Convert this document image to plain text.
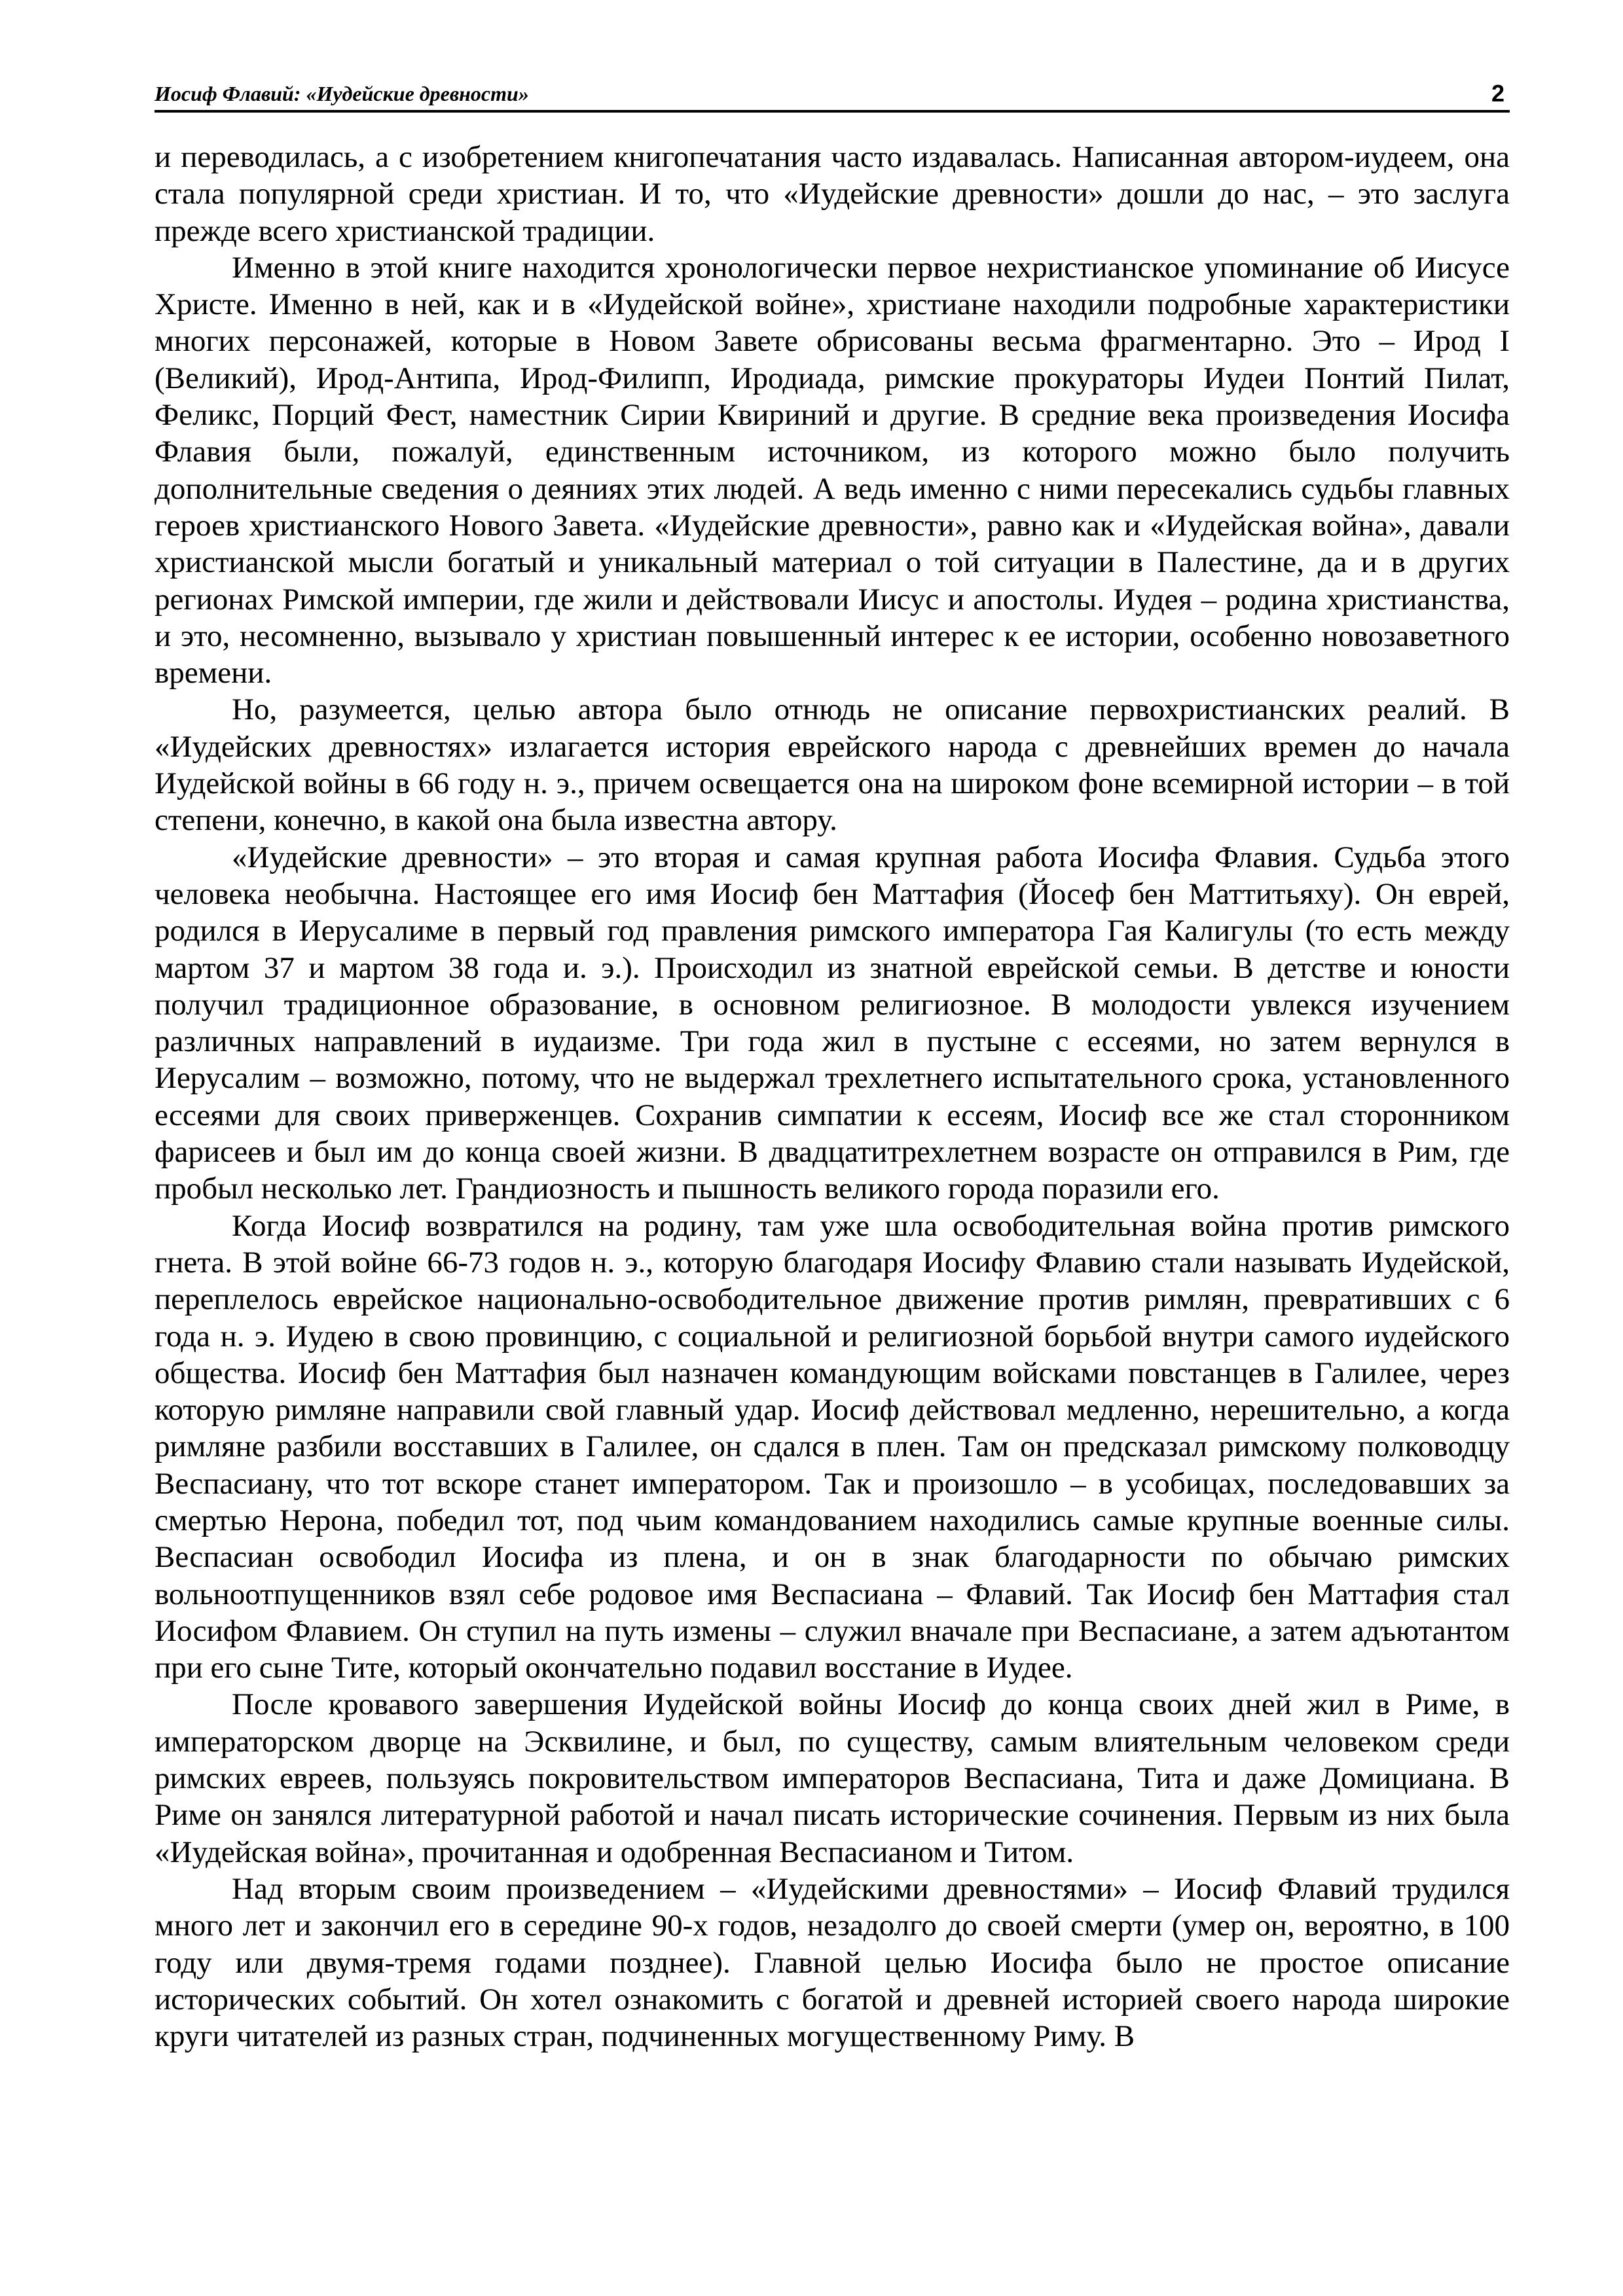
Иосиф Флавий: «Иудейские древности»	2

и переводилась, а с изобретением книгопечатания часто издавалась. Написанная автором-иудеем, она стала популярной среди христиан. И то, что «Иудейские древности» дошли до нас, – это заслуга прежде всего христианской традиции.

Именно в этой книге находится хронологически первое нехристианское упоминание об Иисусе Христе. Именно в ней, как и в «Иудейской войне», христиане находили подробные характеристики многих персонажей, которые в Новом Завете обрисованы весьма фрагментарно. Это – Ирод I (Великий), Ирод-Антипа, Ирод-Филипп, Иродиада, римские прокураторы Иудеи Понтий Пилат, Феликс, Порций Фест, наместник Сирии Квириний и другие. В средние века произведения Иосифа Флавия были, пожалуй, единственным источником, из которого можно было получить дополнительные сведения о деяниях этих людей. А ведь именно с ними пересекались судьбы главных героев христианского Нового Завета. «Иудейские древности», равно как и «Иудейская война», давали христианской мысли богатый и уникальный материал о той ситуации в Палестине, да и в других регионах Римской империи, где жили и действовали Иисус и апостолы. Иудея – родина христианства, и это, несомненно, вызывало у христиан повышенный интерес к ее истории, особенно новозаветного времени.

Но, разумеется, целью автора было отнюдь не описание первохристианских реалий. В «Иудейских древностях» излагается история еврейского народа с древнейших времен до начала Иудейской войны в 66 году н. э., причем освещается она на широком фоне всемирной истории – в той степени, конечно, в какой она была известна автору.

«Иудейские древности» – это вторая и самая крупная работа Иосифа Флавия. Судьба этого человека необычна. Настоящее его имя Иосиф бен Маттафия (Йосеф бен Маттитьяху). Он еврей, родился в Иерусалиме в первый год правления римского императора Гая Калигулы (то есть между мартом 37 и мартом 38 года и. э.). Происходил из знатной еврейской семьи. В детстве и юности получил традиционное образование, в основном религиозное. В молодости увлекся изучением различных направлений в иудаизме. Три года жил в пустыне с ессеями, но затем вернулся в Иерусалим – возможно, потому, что не выдержал трехлетнего испытательного срока, установленного ессеями для своих приверженцев. Сохранив симпатии к ессеям, Иосиф все же стал сторонником фарисеев и был им до конца своей жизни. В двадцатитрехлетнем возрасте он отправился в Рим, где пробыл несколько лет. Грандиозность и пышность великого города поразили его.

Когда Иосиф возвратился на родину, там уже шла освободительная война против римского гнета. В этой войне 66-73 годов н. э., которую благодаря Иосифу Флавию стали называть Иудейской, переплелось еврейское национально-освободительное движение против римлян, превративших с 6 года н. э. Иудею в свою провинцию, с социальной и религиозной борьбой внутри самого иудейского общества. Иосиф бен Маттафия был назначен командующим войсками повстанцев в Галилее, через которую римляне направили свой главный удар. Иосиф действовал медленно, нерешительно, а когда римляне разбили восставших в Галилее, он сдался в плен. Там он предсказал римскому полководцу Веспасиану, что тот вскоре станет императором. Так и произошло – в усобицах, последовавших за смертью Нерона, победил тот, под чьим командованием находились самые крупные военные силы. Веспасиан освободил Иосифа из плена, и он в знак благодарности по обычаю римских вольноотпущенников взял себе родовое имя Веспасиана – Флавий. Так Иосиф бен Маттафия стал Иосифом Флавием. Он ступил на путь измены – служил вначале при Веспасиане, а затем адъютантом при его сыне Тите, который окончательно подавил восстание в Иудее.

После кровавого завершения Иудейской войны Иосиф до конца своих дней жил в Риме, в императорском дворце на Эсквилине, и был, по существу, самым влиятельным человеком среди римских евреев, пользуясь покровительством императоров Веспасиана, Тита и даже Домициана. В Риме он занялся литературной работой и начал писать исторические сочинения. Первым из них была «Иудейская война», прочитанная и одобренная Веспасианом и Титом.

Над вторым своим произведением – «Иудейскими древностями» – Иосиф Флавий трудился много лет и закончил его в середине 90-х годов, незадолго до своей смерти (умер он, вероятно, в 100 году или двумя-тремя годами позднее). Главной целью Иосифа было не простое описание исторических событий. Он хотел ознакомить с богатой и древней историей своего народа широкие круги читателей из разных стран, подчиненных могущественному Риму. В
